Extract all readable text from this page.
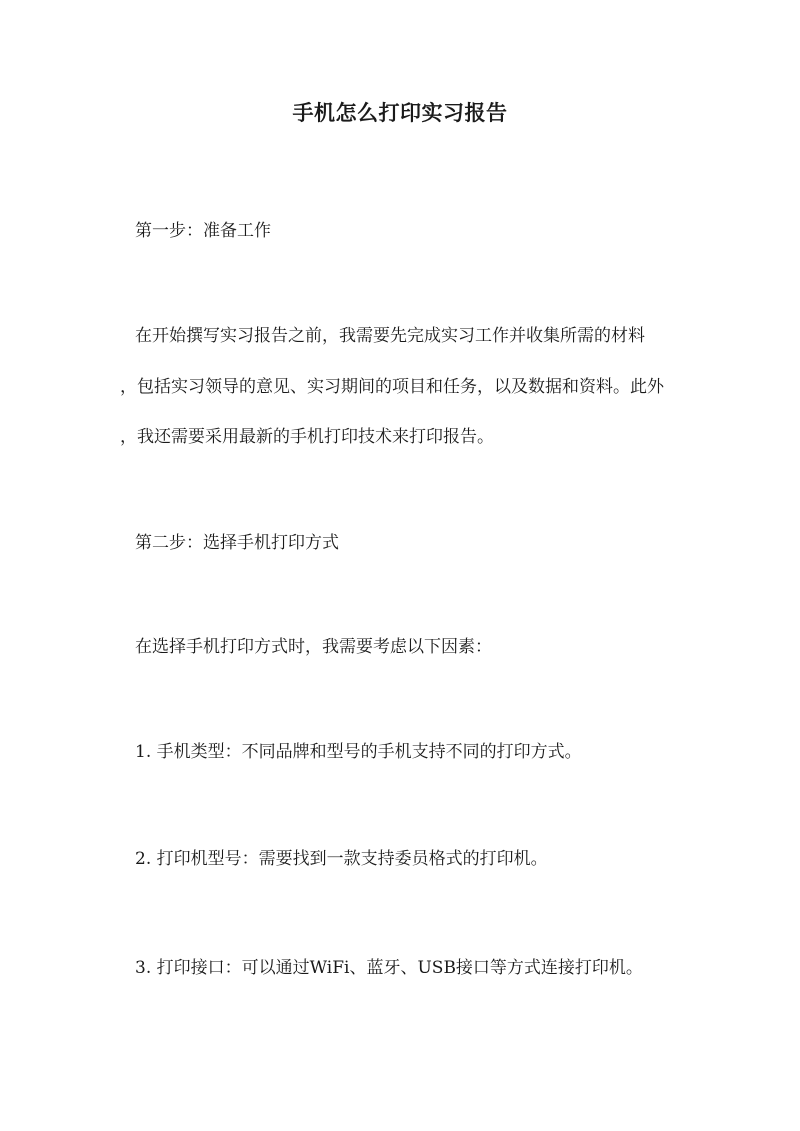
手机怎么打印实习报告
第一步：准备工作
在开始撰写实习报告之前，我需要先完成实习工作并收集所需的材料
，包括实习领导的意见、实习期间的项目和任务，以及数据和资料。此外
，我还需要采用最新的手机打印技术来打印报告。
第二步：选择手机打印方式
在选择手机打印方式时，我需要考虑以下因素：
1. 手机类型：不同品牌和型号的手机支持不同的打印方式。
2. 打印机型号：需要找到一款支持委员格式的打印机。
3. 打印接口：可以通过WiFi、蓝牙、USB接口等方式连接打印机。
